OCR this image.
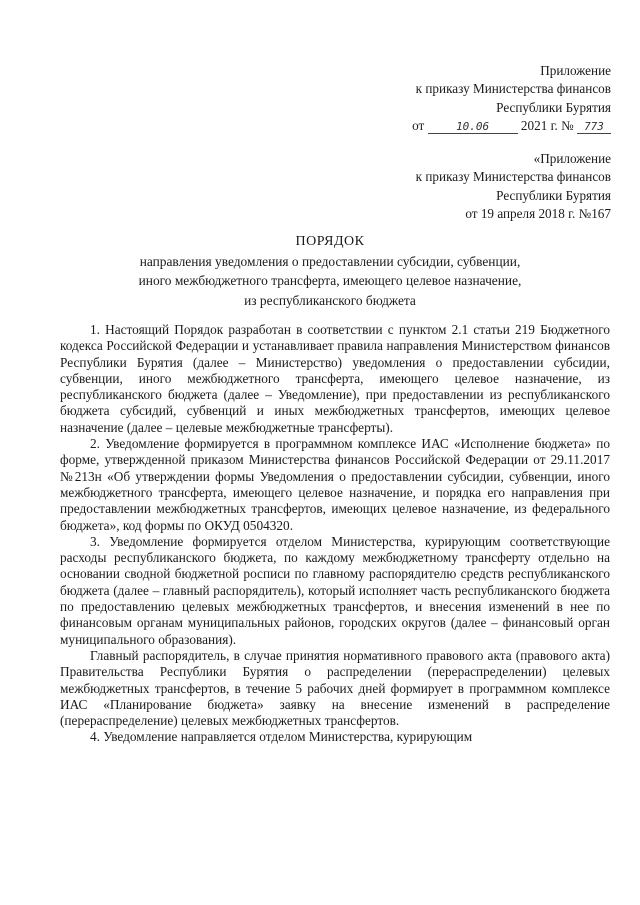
Приложение
к приказу Министерства финансов
Республики Бурятия
от	10.06 2021 г. № 773
«Приложение
к приказу Министерства финансов
Республики Бурятия
от 19 апреля 2018 г. №167
ПОРЯДОК
направления уведомления о предоставлении субсидии, субвенции,
иного межбюджетного трансферта, имеющего целевое назначение,
из республиканского бюджета

1. Настоящий Порядок разработан в соответствии с пунктом 2.1 статьи 219 Бюджетного кодекса Российской Федерации и устанавливает правила направления Министерством финансов Республики Бурятия (далее – Министерство) уведомления о предоставлении субсидии, субвенции, иного межбюджетного трансферта, имеющего целевое назначение, из республиканского бюджета (далее – Уведомление), при предоставлении из республиканского бюджета субсидий, субвенций и иных межбюджетных трансфертов, имеющих целевое назначение (далее – целевые межбюджетные трансферты).

2. Уведомление формируется в программном комплексе ИАС «Исполнение бюджета» по форме, утвержденной приказом Министерства финансов Российской Федерации от 29.11.2017 №213н «Об утверждении формы Уведомления о предоставлении субсидии, субвенции, иного межбюджетного трансферта, имеющего целевое назначение, и порядка его направления при предоставлении межбюджетных трансфертов, имеющих целевое назначение, из федерального бюджета», код формы по ОКУД 0504320.

3. Уведомление формируется отделом Министерства, курирующим соответствующие расходы республиканского бюджета, по каждому межбюджетному трансферту отдельно на основании сводной бюджетной росписи по главному распорядителю средств республиканского бюджета (далее – главный распорядитель), который исполняет часть республиканского бюджета по предоставлению целевых межбюджетных трансфертов, и внесения изменений в нее по финансовым органам муниципальных районов, городских округов (далее – финансовый орган муниципального образования).

Главный распорядитель, в случае принятия нормативного правового акта (правового акта) Правительства Республики Бурятия о распределении (перераспределении) целевых межбюджетных трансфертов, в течение 5 рабочих дней формирует в программном комплексе ИАС «Планирование бюджета» заявку на внесение изменений в распределение (перераспределение) целевых межбюджетных трансфертов.

4. Уведомление направляется отделом Министерства, курирующим
